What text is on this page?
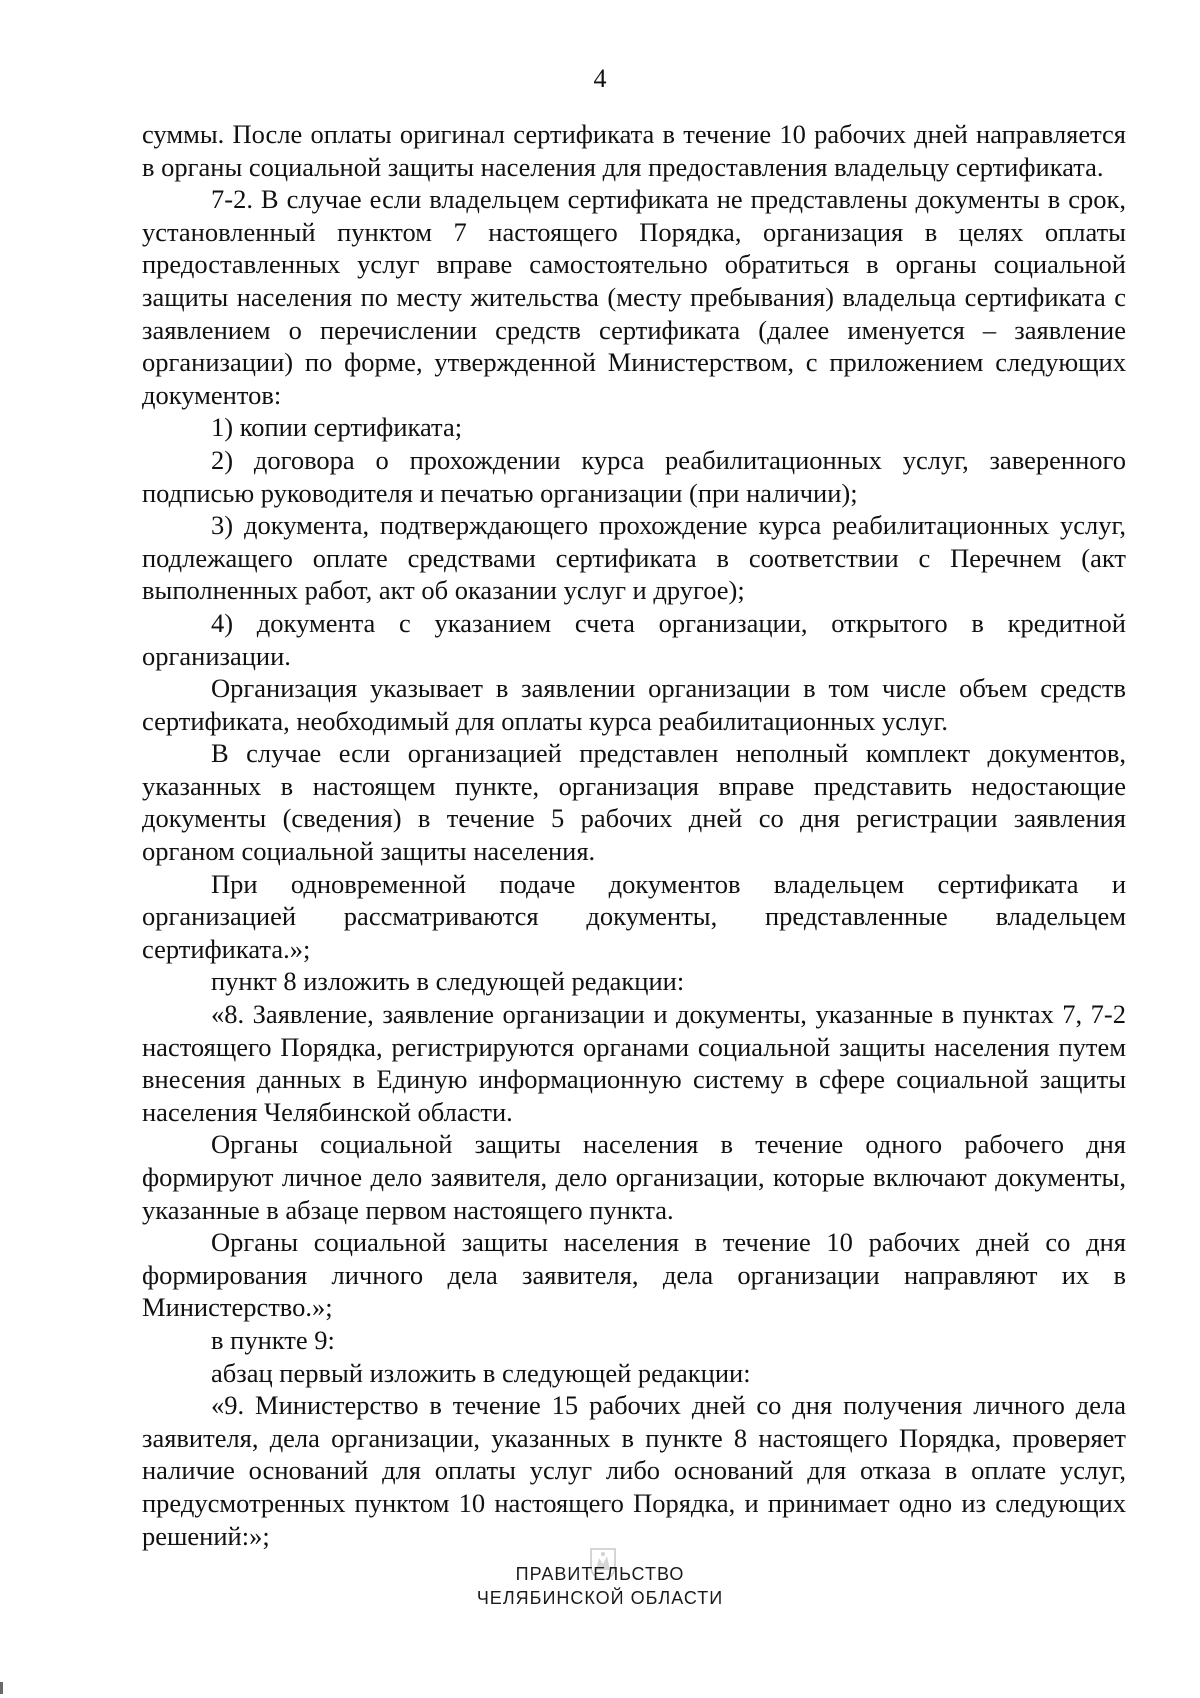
4

суммы. После оплаты оригинал сертификата в течение 10 рабочих дней направляется в органы социальной защиты населения для предоставления владельцу сертификата.

7-2. В случае если владельцем сертификата не представлены документы в срок, установленный пунктом 7 настоящего Порядка, организация в целях оплаты предоставленных услуг вправе самостоятельно обратиться в органы социальной защиты населения по месту жительства (месту пребывания) владельца сертификата с заявлением о перечислении средств сертификата (далее именуется – заявление организации) по форме, утвержденной Министерством, с приложением следующих документов:

1) копии сертификата;

2) договора о прохождении курса реабилитационных услуг, заверенного подписью руководителя и печатью организации (при наличии);

3) документа, подтверждающего прохождение курса реабилитационных услуг, подлежащего оплате средствами сертификата в соответствии с Перечнем (акт выполненных работ, акт об оказании услуг и другое);

4) документа с указанием счета организации, открытого в кредитной организации.

Организация указывает в заявлении организации в том числе объем средств сертификата, необходимый для оплаты курса реабилитационных услуг.

В случае если организацией представлен неполный комплект документов, указанных в настоящем пункте, организация вправе представить недостающие документы (сведения) в течение 5 рабочих дней со дня регистрации заявления органом социальной защиты населения.

При одновременной подаче документов владельцем сертификата и организацией рассматриваются документы, представленные владельцем сертификата.»;

пункт 8 изложить в следующей редакции:

«8. Заявление, заявление организации и документы, указанные в пунктах 7, 7-2 настоящего Порядка, регистрируются органами социальной защиты населения путем внесения данных в Единую информационную систему в сфере социальной защиты населения Челябинской области.

Органы социальной защиты населения в течение одного рабочего дня формируют личное дело заявителя, дело организации, которые включают документы, указанные в абзаце первом настоящего пункта.

Органы социальной защиты населения в течение 10 рабочих дней со дня формирования личного дела заявителя, дела организации направляют их в Министерство.»;

в пункте 9:

абзац первый изложить в следующей редакции:

«9. Министерство в течение 15 рабочих дней со дня получения личного дела заявителя, дела организации, указанных в пункте 8 настоящего Порядка, проверяет наличие оснований для оплаты услуг либо оснований для отказа в оплате услуг, предусмотренных пунктом 10 настоящего Порядка, и принимает одно из следующих решений:»;

ПРАВИТЕЛЬСТВО
ЧЕЛЯБИНСКОЙ ОБЛАСТИ
